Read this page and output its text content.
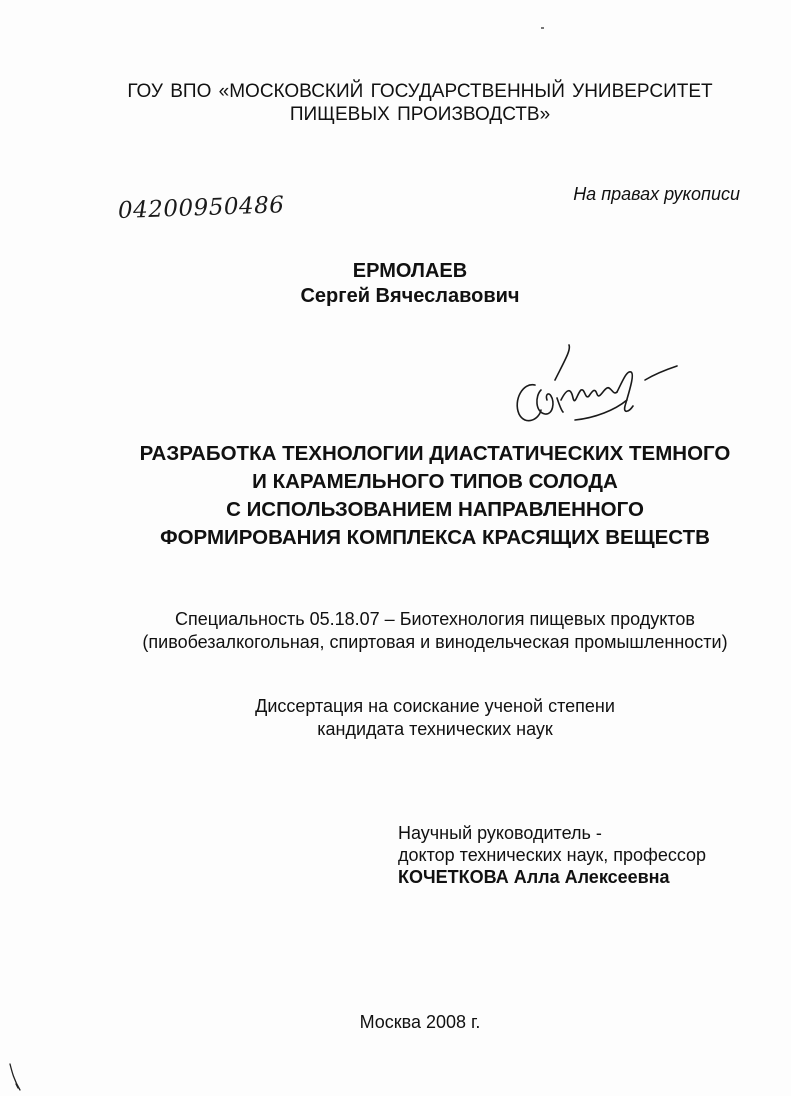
ГОУ ВПО «МОСКОВСКИЙ ГОСУДАРСТВЕННЫЙ УНИВЕРСИТЕТ
ПИЩЕВЫХ ПРОИЗВОДСТВ»
04200950486	На правах рукописи
ЕРМОЛАЕВ
Сергей Вячеславович
РАЗРАБОТКА ТЕХНОЛОГИИ ДИАСТАТИЧЕСКИХ ТЕМНОГО
И КАРАМЕЛЬНОГО ТИПОВ СОЛОДА
С ИСПОЛЬЗОВАНИЕМ НАПРАВЛЕННОГО
ФОРМИРОВАНИЯ КОМПЛЕКСА КРАСЯЩИХ ВЕЩЕСТВ
Специальность 05.18.07 – Биотехнология пищевых продуктов
(пивобезалкогольная, спиртовая и винодельческая промышленности)
Диссертация на соискание ученой степени
кандидата технических наук
Научный руководитель -
доктор технических наук, профессор
КОЧЕТКОВА Алла Алексеевна
Москва 2008 г.
